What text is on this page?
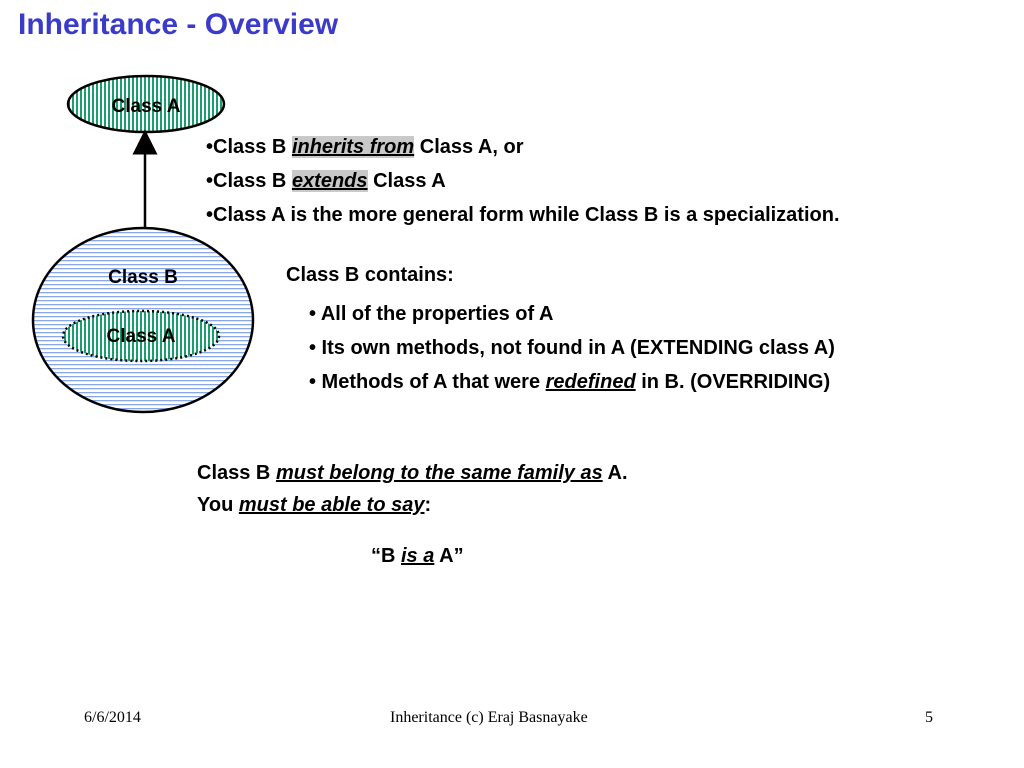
Inheritance - Overview
Class A
Class B
Class A
•Class B inherits from Class A, or
•Class B extends Class A
•Class A is the more general form while Class B is a specialization.
Class B contains:
• All of the properties of A
• Its own methods, not found in A (EXTENDING class A)
• Methods of A that were redefined in B. (OVERRIDING)
Class B must belong to the same family as A.
You must be able to say:
“B is a A”
6/6/2014	Inheritance (c) Eraj Basnayake	5
